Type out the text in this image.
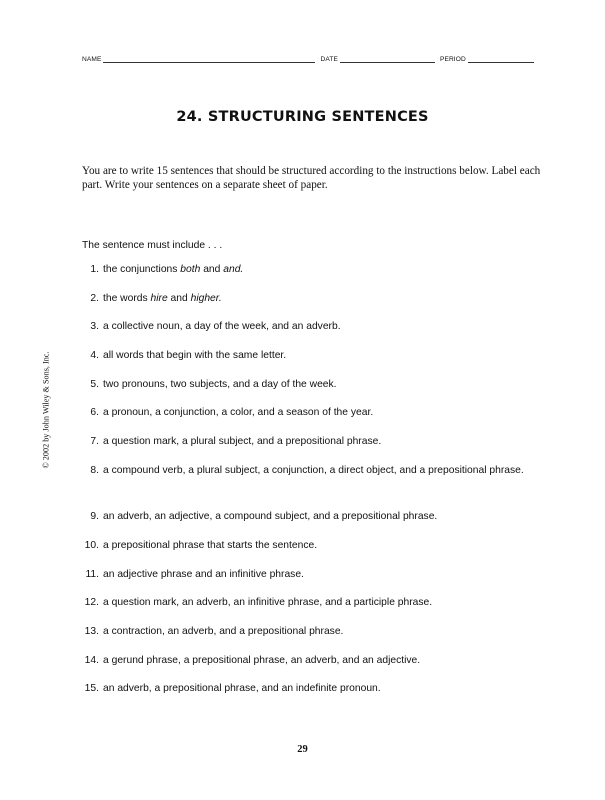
NAME	DATE	PERIOD
24. STRUCTURING SENTENCES
You are to write 15 sentences that should be structured according to the instructions below. Label each part. Write your sentences on a separate sheet of paper.
The sentence must include . . .
1. the conjunctions both and and.
2. the words hire and higher.
3. a collective noun, a day of the week, and an adverb.
4. all words that begin with the same letter.
5. two pronouns, two subjects, and a day of the week.
6. a pronoun, a conjunction, a color, and a season of the year.
7. a question mark, a plural subject, and a prepositional phrase.
8. a compound verb, a plural subject, a conjunction, a direct object, and a prepositional phrase.
9. an adverb, an adjective, a compound subject, and a prepositional phrase.
10. a prepositional phrase that starts the sentence.
11. an adjective phrase and an infinitive phrase.
12. a question mark, an adverb, an infinitive phrase, and a participle phrase.
13. a contraction, an adverb, and a prepositional phrase.
14. a gerund phrase, a prepositional phrase, an adverb, and an adjective.
15. an adverb, a prepositional phrase, and an indefinite pronoun.
© 2002 by John Wiley & Sons, Inc.
29
